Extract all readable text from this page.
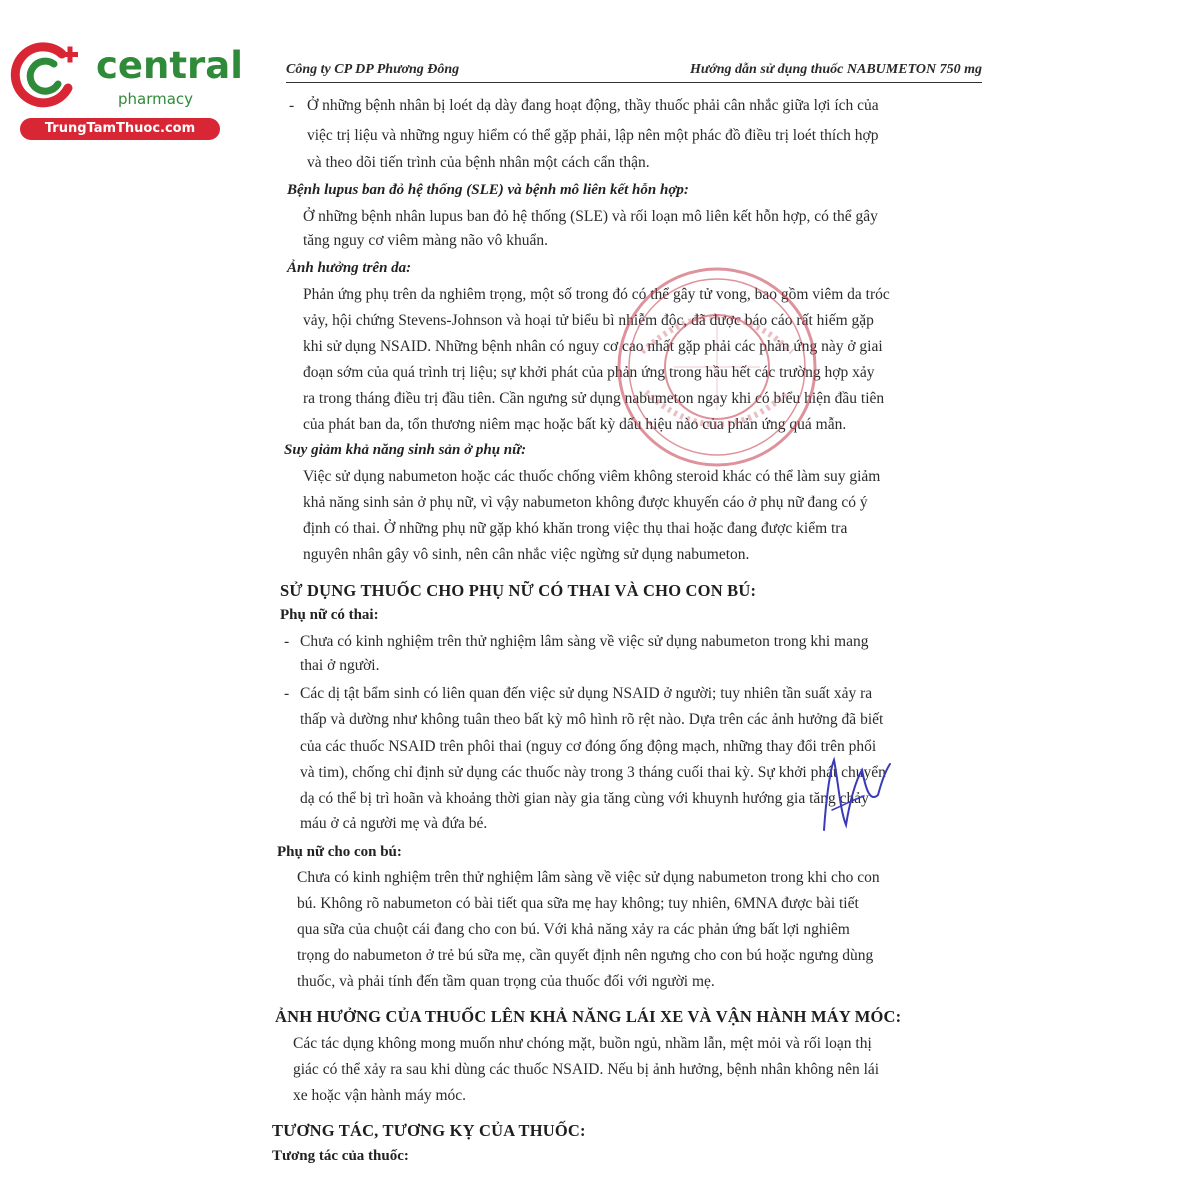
central
pharmacy
TrungTamThuoc.com
Công ty CP DP Phương Đông	Hướng dẫn sử dụng thuốc NABUMETON 750 mg
- Ở những bệnh nhân bị loét dạ dày đang hoạt động, thầy thuốc phải cân nhắc giữa lợi ích của
việc trị liệu và những nguy hiểm có thể gặp phải, lập nên một phác đồ điều trị loét thích hợp
và theo dõi tiến trình của bệnh nhân một cách cẩn thận.
Bệnh lupus ban đỏ hệ thống (SLE) và bệnh mô liên kết hỗn hợp:
Ở những bệnh nhân lupus ban đỏ hệ thống (SLE) và rối loạn mô liên kết hỗn hợp, có thể gây
tăng nguy cơ viêm màng não vô khuẩn.
Ảnh hưởng trên da:
Phản ứng phụ trên da nghiêm trọng, một số trong đó có thể gây tử vong, bao gồm viêm da tróc
vảy, hội chứng Stevens-Johnson và hoại tử biểu bì nhiễm độc, đã được báo cáo rất hiếm gặp
khi sử dụng NSAID. Những bệnh nhân có nguy cơ cao nhất gặp phải các phản ứng này ở giai
đoạn sớm của quá trình trị liệu; sự khởi phát của phản ứng trong hầu hết các trường hợp xảy
ra trong tháng điều trị đầu tiên. Cần ngưng sử dụng nabumeton ngay khi có biểu hiện đầu tiên
của phát ban da, tổn thương niêm mạc hoặc bất kỳ dấu hiệu nào của phản ứng quá mẫn.
Suy giảm khả năng sinh sản ở phụ nữ:
Việc sử dụng nabumeton hoặc các thuốc chống viêm không steroid khác có thể làm suy giảm
khả năng sinh sản ở phụ nữ, vì vậy nabumeton không được khuyến cáo ở phụ nữ đang có ý
định có thai. Ở những phụ nữ gặp khó khăn trong việc thụ thai hoặc đang được kiểm tra
nguyên nhân gây vô sinh, nên cân nhắc việc ngừng sử dụng nabumeton.
SỬ DỤNG THUỐC CHO PHỤ NỮ CÓ THAI VÀ CHO CON BÚ:
Phụ nữ có thai:
- Chưa có kinh nghiệm trên thử nghiệm lâm sàng về việc sử dụng nabumeton trong khi mang
thai ở người.
- Các dị tật bẩm sinh có liên quan đến việc sử dụng NSAID ở người; tuy nhiên tần suất xảy ra
thấp và dường như không tuân theo bất kỳ mô hình rõ rệt nào. Dựa trên các ảnh hưởng đã biết
của các thuốc NSAID trên phôi thai (nguy cơ đóng ống động mạch, những thay đổi trên phổi
và tim), chống chỉ định sử dụng các thuốc này trong 3 tháng cuối thai kỳ. Sự khởi phát chuyển
dạ có thể bị trì hoãn và khoảng thời gian này gia tăng cùng với khuynh hướng gia tăng chảy
máu ở cả người mẹ và đứa bé.
Phụ nữ cho con bú:
Chưa có kinh nghiệm trên thử nghiệm lâm sàng về việc sử dụng nabumeton trong khi cho con
bú. Không rõ nabumeton có bài tiết qua sữa mẹ hay không; tuy nhiên, 6MNA được bài tiết
qua sữa của chuột cái đang cho con bú. Với khả năng xảy ra các phản ứng bất lợi nghiêm
trọng do nabumeton ở trẻ bú sữa mẹ, cần quyết định nên ngưng cho con bú hoặc ngưng dùng
thuốc, và phải tính đến tầm quan trọng của thuốc đối với người mẹ.
ẢNH HƯỞNG CỦA THUỐC LÊN KHẢ NĂNG LÁI XE VÀ VẬN HÀNH MÁY MÓC:
Các tác dụng không mong muốn như chóng mặt, buồn ngủ, nhầm lẫn, mệt mỏi và rối loạn thị
giác có thể xảy ra sau khi dùng các thuốc NSAID. Nếu bị ảnh hưởng, bệnh nhân không nên lái
xe hoặc vận hành máy móc.
TƯƠNG TÁC, TƯƠNG KỴ CỦA THUỐC:
Tương tác của thuốc:
